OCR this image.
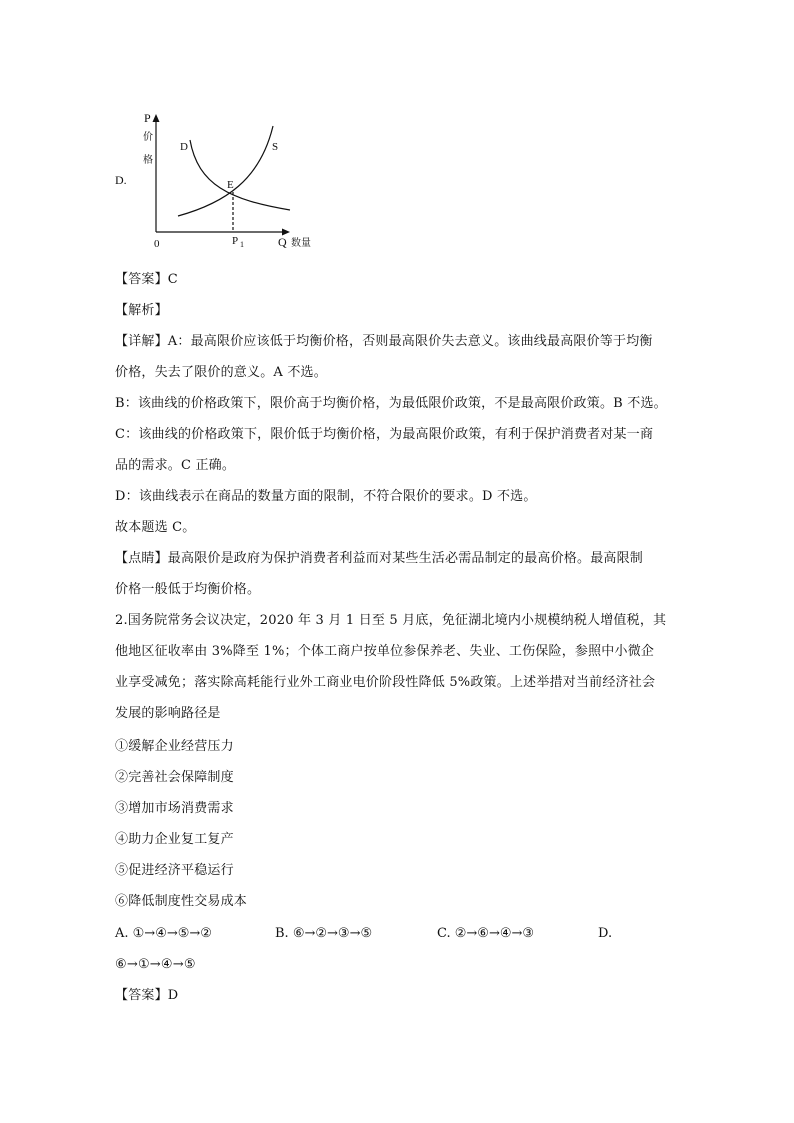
D.
P
价
格
D	S
E
0	P 1	Q 数量
【答案】C
【解析】
【详解】A：最高限价应该低于均衡价格，否则最高限价失去意义。该曲线最高限价等于均衡
价格，失去了限价的意义。A 不选。
B：该曲线的价格政策下，限价高于均衡价格，为最低限价政策，不是最高限价政策。B 不选。
C：该曲线的价格政策下，限价低于均衡价格，为最高限价政策，有利于保护消费者对某一商
品的需求。C 正确。
D：该曲线表示在商品的数量方面的限制，不符合限价的要求。D 不选。
故本题选 C。
【点睛】最高限价是政府为保护消费者利益而对某些生活必需品制定的最高价格。最高限制
价格一般低于均衡价格。
2.国务院常务会议决定，2020 年 3 月 1 日至 5 月底，免征湖北境内小规模纳税人增值税，其
他地区征收率由 3%降至 1%；个体工商户按单位参保养老、失业、工伤保险，参照中小微企
业享受减免；落实除高耗能行业外工商业电价阶段性降低 5%政策。上述举措对当前经济社会
发展的影响路径是
①缓解企业经营压力
②完善社会保障制度
③增加市场消费需求
④助力企业复工复产
⑤促进经济平稳运行
⑥降低制度性交易成本
A. ①→④→⑤→②	B. ⑥→②→③→⑤	C. ②→⑥→④→③	D.
⑥→①→④→⑤
【答案】D
